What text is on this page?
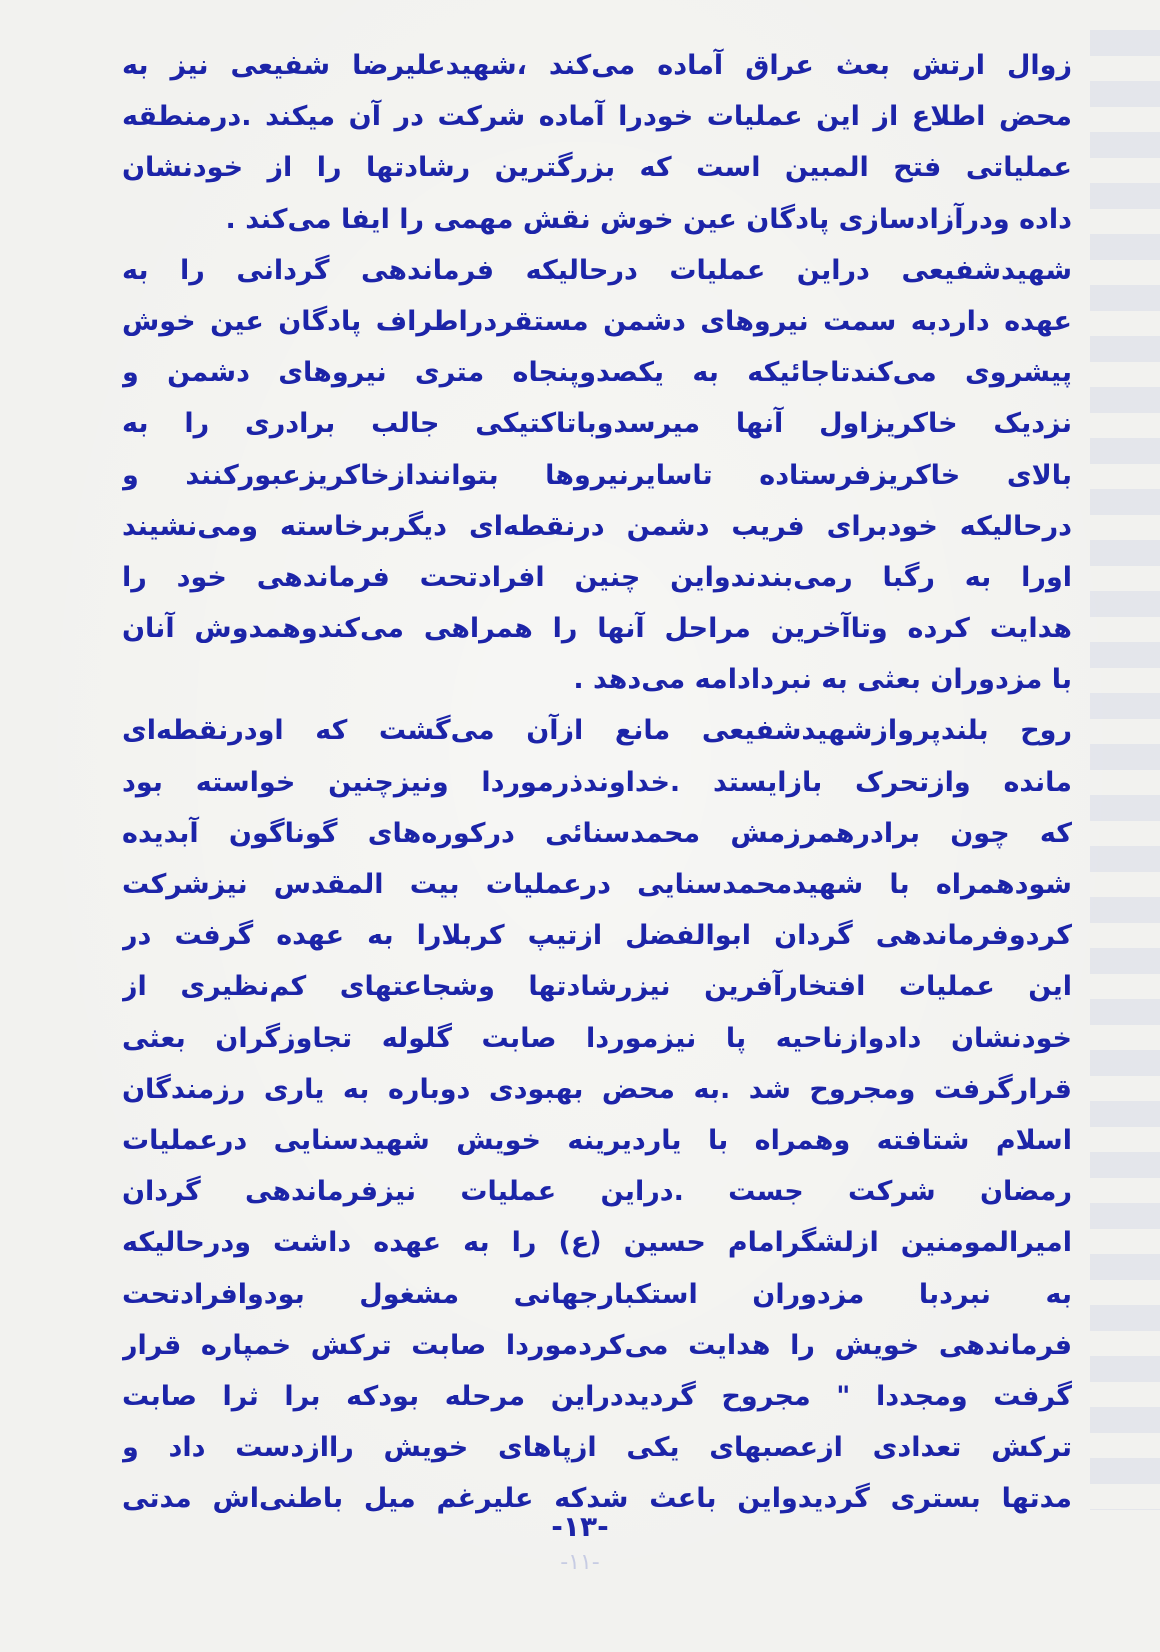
زوال ارتش بعث عراق آماده می‌کند ،شهیدعلیرضا شفیعی نیز به
محض اطلاع از این عملیات خودرا آماده شرکت در آن میکند .درمنطقه
عملیاتی فتح المبین است که بزرگترین رشادتها را از خودنشان
داده ودرآزادسازی پادگان عین خوش نقش مهمی را ایفا می‌کند .
شهیدشفیعی دراین عملیات درحالیکه فرماندهی گردانی را به
عهده داردبه سمت نیروهای دشمن مستقردراطراف پادگان عین خوش
پیشروی می‌کندتاجائیکه به یکصدوپنجاه متری نیروهای دشمن و
نزدیک خاکریزاول آنها میرسدوباتاکتیکی جالب برادری را به
بالای خاکریزفرستاده تاسایرنیروها بتوانندازخاکریزعبورکنند و
درحالیکه خودبرای فریب دشمن درنقطه‌ای دیگربرخاسته ومی‌نشیند
اورا به رگبا رمی‌بندندواین چنین افرادتحت فرماندهی خود را
هدایت کرده وتاآخرین مراحل آنها را همراهی می‌کندوهمدوش آنان
با مزدوران بعثی به نبردادامه می‌دهد .
روح بلندپروازشهیدشفیعی مانع ازآن می‌گشت که اودرنقطه‌ای
مانده وازتحرک بازایستد .خداوندذرموردا ونیزچنین خواسته بود
که چون برادرهمرزمش محمدسنائی درکوره‌های گوناگون آبدیده
شودهمراه با شهیدمحمدسنایی درعملیات بیت المقدس نیزشرکت
کردوفرماندهی گردان ابوالفضل ازتیپ کربلارا به عهده گرفت در
این عملیات افتخارآفرین نیزرشادتها وشجاعتهای کم‌نظیری از
خودنشان دادوازناحیه پا نیزموردا صابت گلوله تجاوزگران بعثی
قرارگرفت ومجروح شد .به محض بهبودی دوباره به یاری رزمندگان
اسلام شتافته وهمراه با یاردیرینه خویش شهیدسنایی درعملیات
رمضان شرکت جست .دراین عملیات نیزفرماندهی گردان
امیرالمومنین ازلشگرامام حسین (ع) را به عهده داشت ودرحالیکه
به نبردبا مزدوران استکبارجهانی مشغول بودوافرادتحت
فرماندهی خویش را هدایت می‌کردموردا صابت ترکش خمپاره قرار
گرفت ومجددا " مجروح گردیددراین مرحله بودکه برا ثرا صابت
ترکش تعدادی ازعصبهای یکی ازپاهای خویش راازدست داد و
مدتها بستری گردیدواین باعث شدکه علیرغم میل باطنی‌اش مدتی
-۱۳-
-۱۱-
